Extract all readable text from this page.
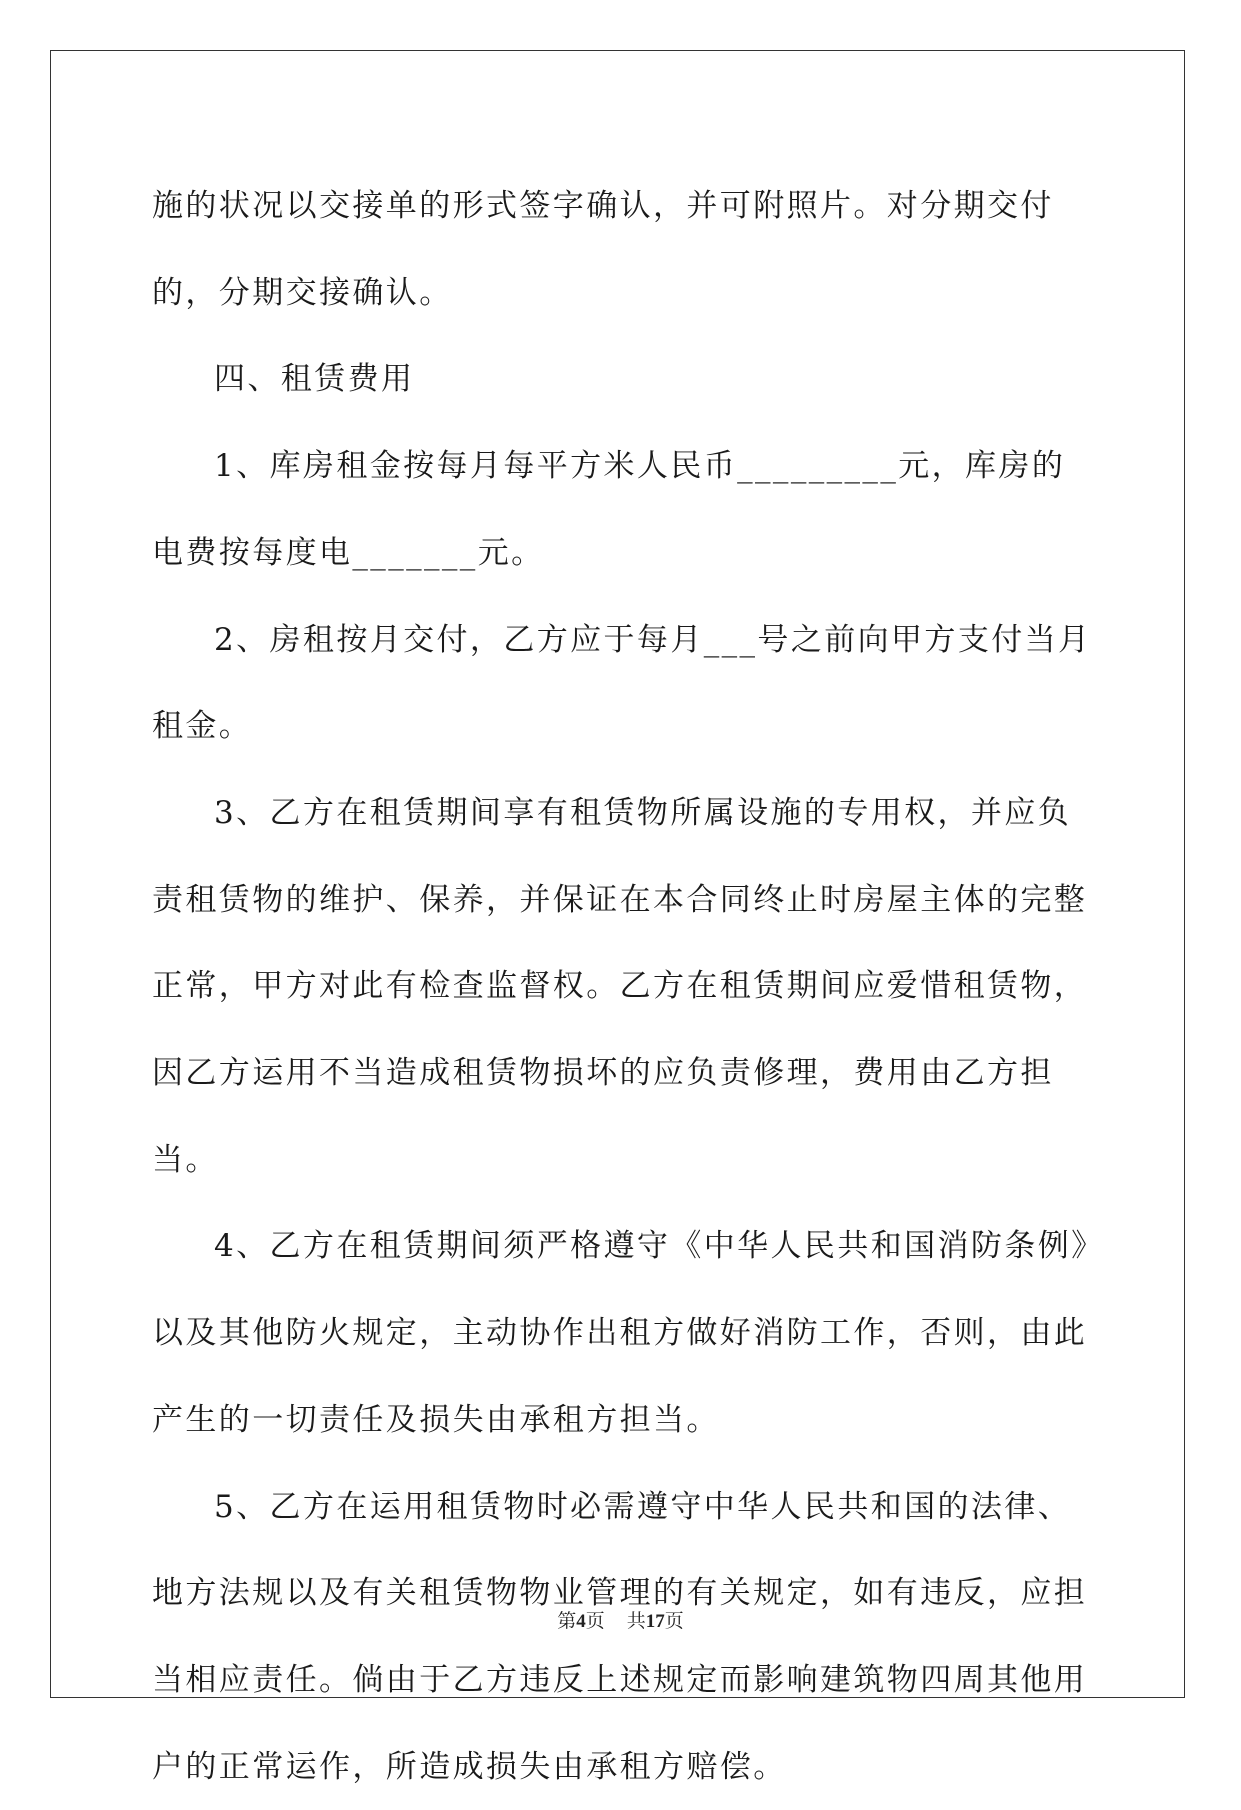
施的状况以交接单的形式签字确认，并可附照片。对分期交付的，分期交接确认。

四、租赁费用

1、库房租金按每月每平方米人民币_________元，库房的电费按每度电_______元。

2、房租按月交付，乙方应于每月___号之前向甲方支付当月租金。

3、乙方在租赁期间享有租赁物所属设施的专用权，并应负责租赁物的维护、保养，并保证在本合同终止时房屋主体的完整正常，甲方对此有检查监督权。乙方在租赁期间应爱惜租赁物，因乙方运用不当造成租赁物损坏的应负责修理，费用由乙方担当。

4、乙方在租赁期间须严格遵守《中华人民共和国消防条例》以及其他防火规定，主动协作出租方做好消防工作，否则，由此产生的一切责任及损失由承租方担当。

5、乙方在运用租赁物时必需遵守中华人民共和国的法律、地方法规以及有关租赁物物业管理的有关规定，如有违反，应担当相应责任。倘由于乙方违反上述规定而影响建筑物四周其他用户的正常运作，所造成损失由承租方赔偿。

第4页 共17页
